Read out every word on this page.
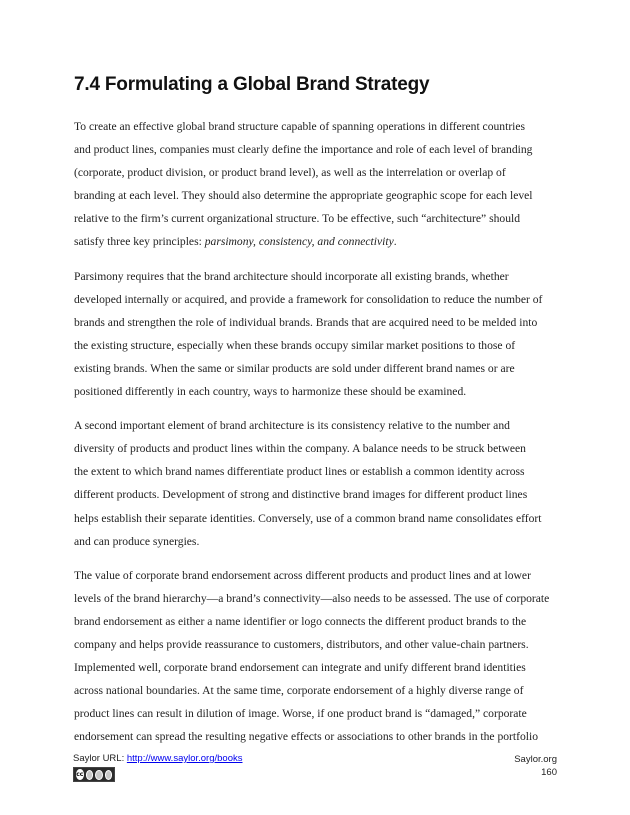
7.4 Formulating a Global Brand Strategy

To create an effective global brand structure capable of spanning operations in different countries
and product lines, companies must clearly define the importance and role of each level of branding
(corporate, product division, or product brand level), as well as the interrelation or overlap of
branding at each level. They should also determine the appropriate geographic scope for each level
relative to the firm’s current organizational structure. To be effective, such “architecture” should
satisfy three key principles: parsimony, consistency, and connectivity.

Parsimony requires that the brand architecture should incorporate all existing brands, whether
developed internally or acquired, and provide a framework for consolidation to reduce the number of
brands and strengthen the role of individual brands. Brands that are acquired need to be melded into
the existing structure, especially when these brands occupy similar market positions to those of
existing brands. When the same or similar products are sold under different brand names or are
positioned differently in each country, ways to harmonize these should be examined.

A second important element of brand architecture is its consistency relative to the number and
diversity of products and product lines within the company. A balance needs to be struck between
the extent to which brand names differentiate product lines or establish a common identity across
different products. Development of strong and distinctive brand images for different product lines
helps establish their separate identities. Conversely, use of a common brand name consolidates effort
and can produce synergies.

The value of corporate brand endorsement across different products and product lines and at lower
levels of the brand hierarchy—a brand’s connectivity—also needs to be assessed. The use of corporate
brand endorsement as either a name identifier or logo connects the different product brands to the
company and helps provide reassurance to customers, distributors, and other value-chain partners.
Implemented well, corporate brand endorsement can integrate and unify different brand identities
across national boundaries. At the same time, corporate endorsement of a highly diverse range of
product lines can result in dilution of image. Worse, if one product brand is “damaged,” corporate
endorsement can spread the resulting negative effects or associations to other brands in the portfolio

Saylor URL: http://www.saylor.org/books
cc
Saylor.org
160
